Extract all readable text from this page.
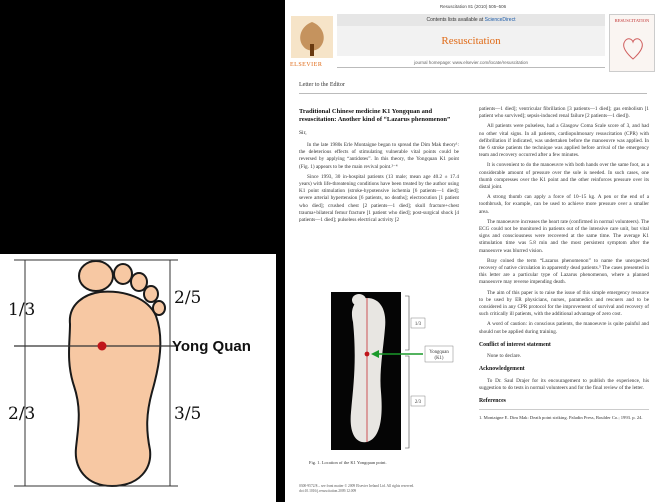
1/3
2/5
2/3	3/5
Yong Quan
Resuscitation 81 (2010) 505–506
ELSEVIER
Contents lists available at ScienceDirect
Resuscitation
journal homepage: www.elsevier.com/locate/resuscitation
RESUSCITATION
Letter to the Editor
Traditional Chinese medicine K1 Yongquan and resuscitation: Another kind of “Lazarus phenomenon”
Sir,

In the late 1980s Erle Montaigne began to spread the Dim Mak theory¹: the deleterious effects of stimulating vulnerable vital points could be reversed by applying “antidotes”. In this theory, the Yongquan K1 point (Fig. 1) appears to be the main revival point.²⁻⁴

Since 1993, 30 in-hospital patients (13 male; mean age 40.2 ± 17.4 years) with life-threatening conditions have been treated by the author using K1 point stimulation (stroke-hypotensive ischemia [6 patients—1 died]; severe arterial hypertension [6 patients, no deaths]; electrocution [1 patient who died]; crushed chest [2 patients—1 died]; skull fracture+chest trauma+bilateral femur fracture [1 patient who died]; post-surgical shock [4 patients—1 died]; pulseless electrical activity [2

1/3
2/3
Yongquan
(K1)
Fig. 1. Location of the K1 Yongquan point.
0300-9572/$ – see front matter © 2009 Elsevier Ireland Ltd. All rights reserved.
doi:10.1016/j.resuscitation.2009.12.009

patients—1 died]; ventricular fibrillation [3 patients—1 died]; gas embolism [1 patient who survived]; sepsis-induced renal failure [2 patients—1 died]).

All patients were pulseless, had a Glasgow Coma Scale score of 3, and had no other vital signs. In all patients, cardiopulmonary resuscitation (CPR) with defibrillation if indicated, was undertaken before the manoeuvre was applied. In the 6 stroke patients the technique was applied before arrival of the emergency team and recovery occurred after a few minutes.

It is convenient to do the manoeuvre with both hands over the same foot, as a considerable amount of pressure over the sole is needed. In such cases, one thumb compresses over the K1 point and the other reinforces pressure over its distal joint.

A strong thumb can apply a force of 10–15 kg. A pen or the end of a toothbrush, for example, can be used to achieve more pressure over a smaller area.

The manoeuvre increases the heart rate (confirmed in normal volunteers). The ECG could not be monitored in patients out of the intensive care unit, but vital signs and consciousness were recovered at the same time. The average K1 stimulation time was 5.8 min and the most persistent symptom after the manoeuvre was blurred vision.

Bray coined the term “Lazarus phenomenon” to name the unexpected recovery of native circulation in apparently dead patients.⁵ The cases presented in this letter are a particular type of Lazarus phenomenon, where a planned manoeuvre may reverse impending death.

The aim of this paper is to raise the issue of this simple emergency resource to be used by ER physicians, nurses, paramedics and rescuers and to be considered in any CPR protocol for the improvement of survival and recovery of such critically ill patients, with the additional advantage of zero cost.

A word of caution: in conscious patients, the manoeuvre is quite painful and should not be applied during training.

Conflict of interest statement

None to declare.

Acknowledgement

To Dr. Saul Drajer for its encouragement to publish the experience, his suggestion to do tests in normal volunteers and for the final review of the letter.

References

1. Montaigne E. Dim Mak: Death point striking. Paladin Press, Boulder Co.; 1993. p. 24.
